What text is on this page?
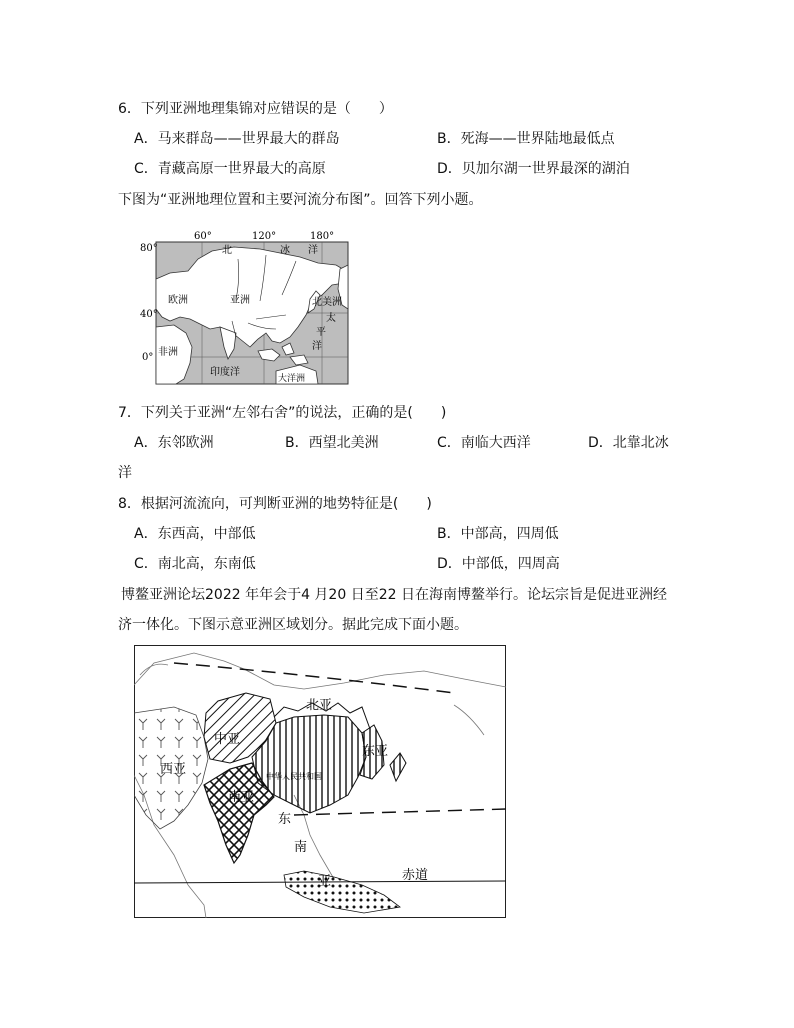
6．下列亚洲地理集锦对应错误的是（　　）
A．马来群岛——世界最大的群岛	B．死海——世界陆地最低点
C．青藏高原一世界最大的高原	D．贝加尔湖一世界最深的湖泊
下图为“亚洲地理位置和主要河流分布图”。回答下列小题。
60°	120°	180°
80°
40°
0°
北	冰 洋
欧洲	亚洲	北美洲
太
平
洋
非洲
印度洋
大洋洲
7．下列关于亚洲“左邻右舍”的说法，正确的是(　　)
A．东邻欧洲	B．西望北美洲	C．南临大西洋	D．北靠北冰
洋
8．根据河流流向，可判断亚洲的地势特征是(　　)
A．东西高，中部低	B．中部高，四周低
C．南北高，东南低	D．中部低，四周高
博鳌亚洲论坛2022 年年会于4 月20 日至22 日在海南博鳌举行。论坛宗旨是促进亚洲经
济一体化。下图示意亚洲区域划分。据此完成下面小题。
北亚
中亚
东亚
西亚	中华人民共和国
南亚
东
南
亚	赤道
